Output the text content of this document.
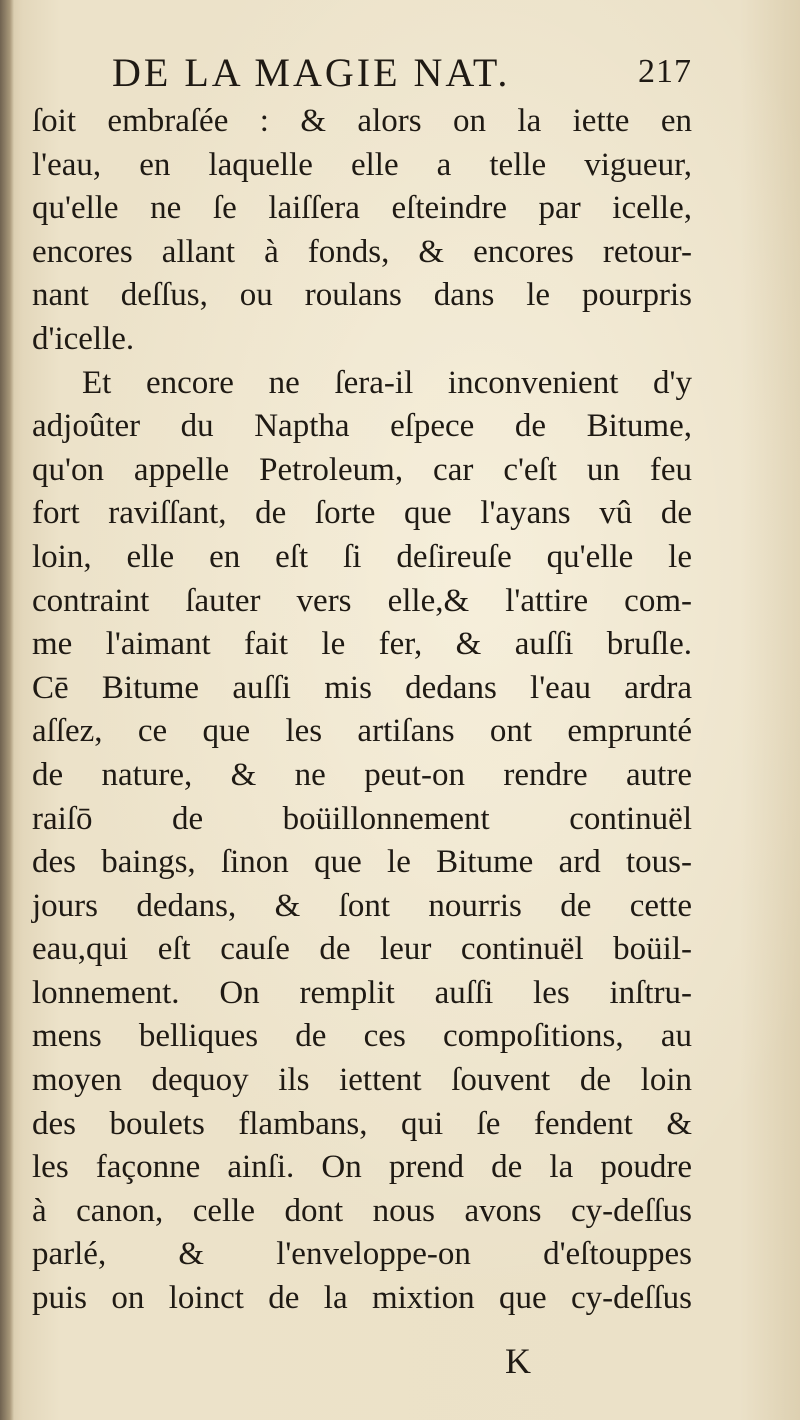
DE LA MAGIE NAT.	217
ſoit embraſée : & alors on la iette en
l'eau, en laquelle elle a telle vigueur,
qu'elle ne ſe laiſſera eſteindre par icelle,
encores allant à fonds, & encores retour-
nant deſſus, ou roulans dans le pourpris
d'icelle.
Et encore ne ſera-il inconvenient d'y
adjoûter du Naptha eſpece de Bitume,
qu'on appelle Petroleum, car c'eſt un feu
fort raviſſant, de ſorte que l'ayans vû de
loin, elle en eſt ſi deſireuſe qu'elle le
contraint ſauter vers elle,& l'attire com-
me l'aimant fait le fer, & auſſi bruſle.
Cē Bitume auſſi mis dedans l'eau ardra
aſſez, ce que les artiſans ont emprunté
de nature, & ne peut-on rendre autre
raiſō de boüillonnement continuël
des baings, ſinon que le Bitume ard tous-
jours dedans, & ſont nourris de cette
eau,qui eſt cauſe de leur continuël boüil-
lonnement. On remplit auſſi les inſtru-
mens belliques de ces compoſitions, au
moyen dequoy ils iettent ſouvent de loin
des boulets flambans, qui ſe fendent &
les façonne ainſi. On prend de la poudre
à canon, celle dont nous avons cy-deſſus
parlé, & l'enveloppe-on d'eſtouppes
puis on loinct de la mixtion que cy-deſſus
K
